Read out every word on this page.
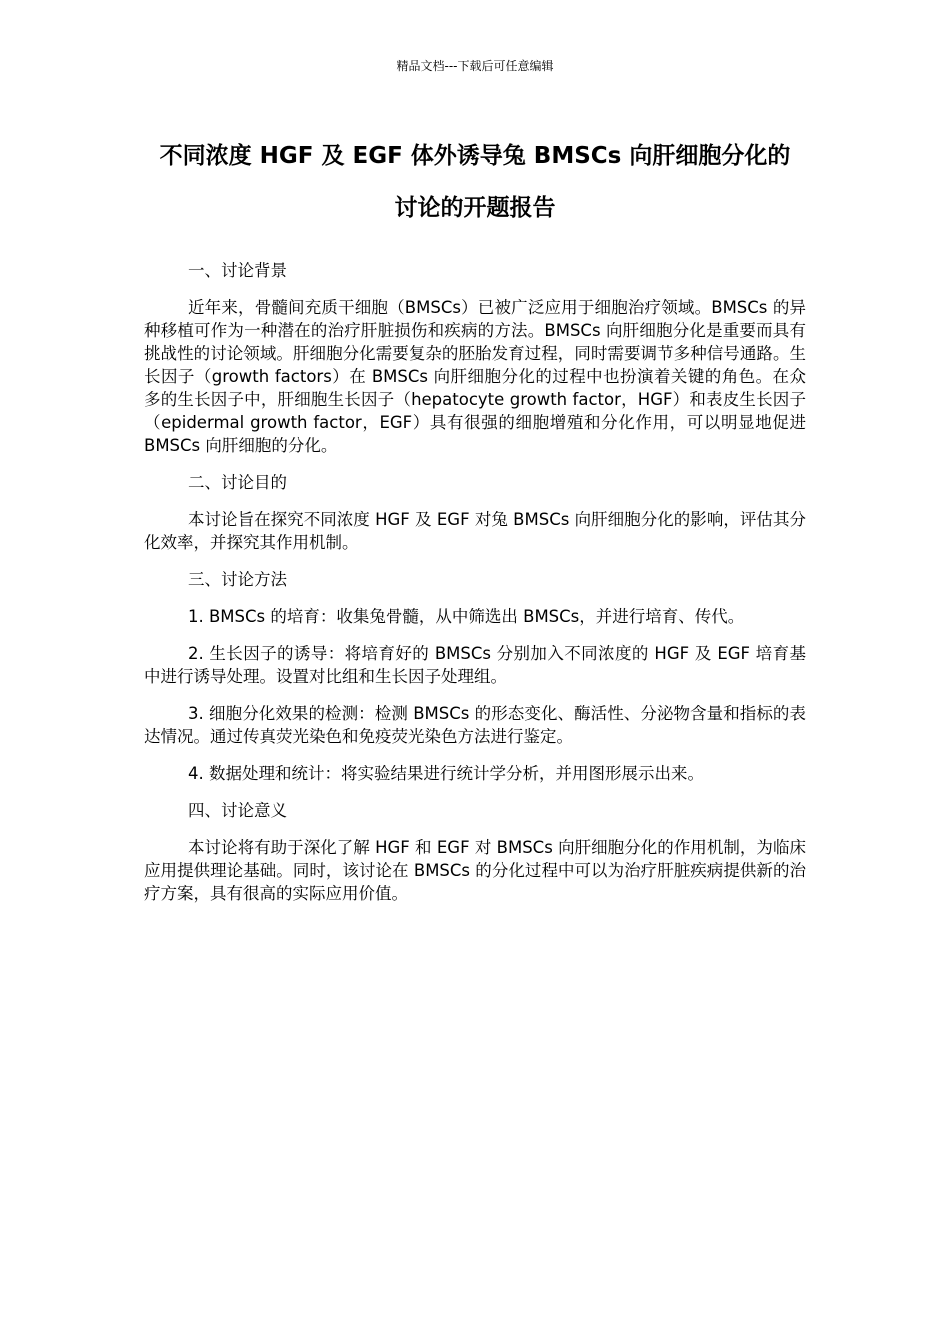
精品文档---下载后可任意编辑
不同浓度 HGF 及 EGF 体外诱导兔 BMSCs 向肝细胞分化的
讨论的开题报告

一、讨论背景

近年来，骨髓间充质干细胞（BMSCs）已被广泛应用于细胞治疗领域。BMSCs 的异种移植可作为一种潜在的治疗肝脏损伤和疾病的方法。BMSCs 向肝细胞分化是重要而具有挑战性的讨论领域。肝细胞分化需要复杂的胚胎发育过程，同时需要调节多种信号通路。生长因子（growth factors）在 BMSCs 向肝细胞分化的过程中也扮演着关键的角色。在众多的生长因子中，肝细胞生长因子（hepatocyte growth factor，HGF）和表皮生长因子（epidermal growth factor，EGF）具有很强的细胞增殖和分化作用，可以明显地促进 BMSCs 向肝细胞的分化。

二、讨论目的

本讨论旨在探究不同浓度 HGF 及 EGF 对兔 BMSCs 向肝细胞分化的影响，评估其分化效率，并探究其作用机制。

三、讨论方法

1. BMSCs 的培育：收集兔骨髓，从中筛选出 BMSCs，并进行培育、传代。

2. 生长因子的诱导：将培育好的 BMSCs 分别加入不同浓度的 HGF 及 EGF 培育基中进行诱导处理。设置对比组和生长因子处理组。

3. 细胞分化效果的检测：检测 BMSCs 的形态变化、酶活性、分泌物含量和指标的表达情况。通过传真荧光染色和免疫荧光染色方法进行鉴定。

4. 数据处理和统计：将实验结果进行统计学分析，并用图形展示出来。

四、讨论意义

本讨论将有助于深化了解 HGF 和 EGF 对 BMSCs 向肝细胞分化的作用机制，为临床应用提供理论基础。同时，该讨论在 BMSCs 的分化过程中可以为治疗肝脏疾病提供新的治疗方案，具有很高的实际应用价值。
